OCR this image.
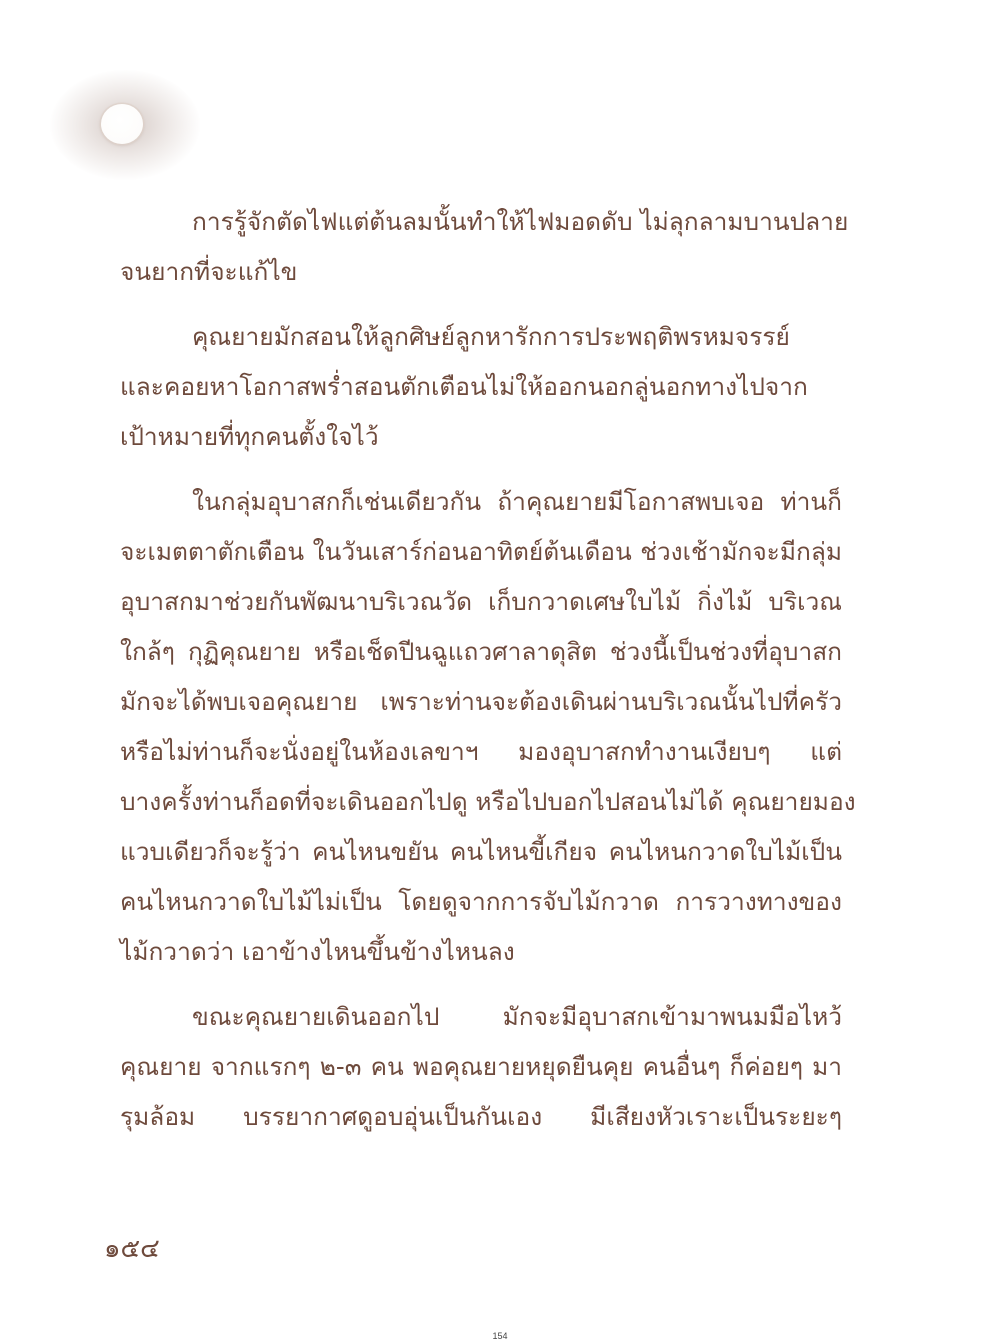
การรู้จักตัดไฟแต่ต้นลมนั้นทำให้ไฟมอดดับ ไม่ลุกลามบานปลาย
จนยากที่จะแก้ไข
คุณยายมักสอนให้ลูกศิษย์ลูกหารักการประพฤติพรหมจรรย์
และคอยหาโอกาสพร่ำสอนตักเตือนไม่ให้ออกนอกลู่นอกทางไปจาก
เป้าหมายที่ทุกคนตั้งใจไว้
ในกลุ่มอุบาสกก็เช่นเดียวกัน ถ้าคุณยายมีโอกาสพบเจอ ท่านก็
จะเมตตาตักเตือน ในวันเสาร์ก่อนอาทิตย์ต้นเดือน ช่วงเช้ามักจะมีกลุ่ม
อุบาสกมาช่วยกันพัฒนาบริเวณวัด เก็บกวาดเศษใบไม้ กิ่งไม้ บริเวณ
ใกล้ๆ กุฏิคุณยาย หรือเช็ดปีนฉูแถวศาลาดุสิต ช่วงนี้เป็นช่วงที่อุบาสก
มักจะได้พบเจอคุณยาย เพราะท่านจะต้องเดินผ่านบริเวณนั้นไปที่ครัว
หรือไม่ท่านก็จะนั่งอยู่ในห้องเลขาฯ มองอุบาสกทำงานเงียบๆ แต่
บางครั้งท่านก็อดที่จะเดินออกไปดู หรือไปบอกไปสอนไม่ได้ คุณยายมอง
แวบเดียวก็จะรู้ว่า คนไหนขยัน คนไหนขี้เกียจ คนไหนกวาดใบไม้เป็น
คนไหนกวาดใบไม้ไม่เป็น โดยดูจากการจับไม้กวาด การวางทางของ
ไม้กวาดว่า เอาข้างไหนขึ้นข้างไหนลง
ขณะคุณยายเดินออกไป มักจะมีอุบาสกเข้ามาพนมมือไหว้
คุณยาย จากแรกๆ ๒-๓ คน พอคุณยายหยุดยืนคุย คนอื่นๆ ก็ค่อยๆ มา
รุมล้อม บรรยากาศดูอบอุ่นเป็นกันเอง มีเสียงหัวเราะเป็นระยะๆ
๑๕๔
154
